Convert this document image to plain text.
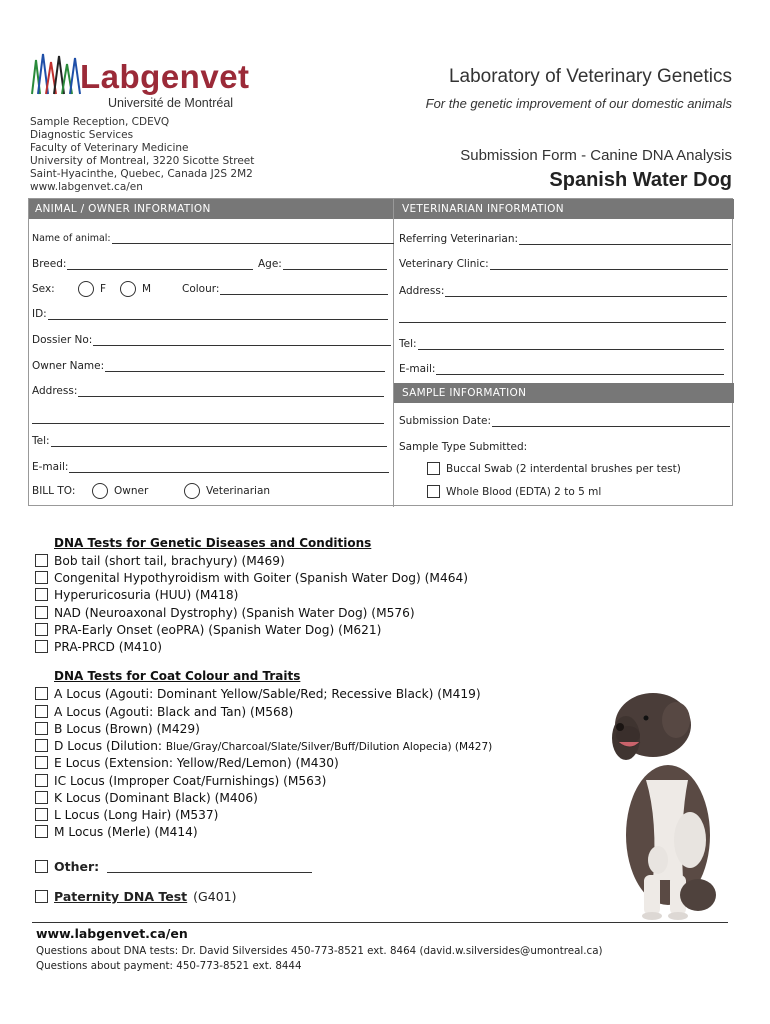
Labgenvet
Université de Montréal
Laboratory of Veterinary Genetics
For the genetic improvement of our domestic animals
Sample Reception, CDEVQ
Diagnostic Services
Faculty of Veterinary Medicine
University of Montreal, 3220 Sicotte Street
Saint-Hyacinthe, Quebec, Canada J2S 2M2
www.labgenvet.ca/en
Submission Form - Canine DNA Analysis
Spanish Water Dog
ANIMAL / OWNER INFORMATION	VETERINARIAN INFORMATION
Name of animal:
Breed:	Age:
Sex:	F	M	Colour:
ID:
Dossier No:
Owner Name:
Address:
Tel:
E-mail:
BILL TO:	Owner	Veterinarian
Referring Veterinarian:
Veterinary Clinic:
Address:
Tel:
E-mail:
SAMPLE INFORMATION
Submission Date:
Sample Type Submitted:
Buccal Swab (2 interdental brushes per test)
Whole Blood (EDTA) 2 to 5 ml
DNA Tests for Genetic Diseases and Conditions
Bob tail (short tail, brachyury) (M469)
Congenital Hypothyroidism with Goiter (Spanish Water Dog) (M464)
Hyperuricosuria (HUU) (M418)
NAD (Neuroaxonal Dystrophy) (Spanish Water Dog) (M576)
PRA-Early Onset (eoPRA) (Spanish Water Dog) (M621)
PRA-PRCD (M410)
DNA Tests for Coat Colour and Traits
A Locus (Agouti: Dominant Yellow/Sable/Red; Recessive Black) (M419)
A Locus (Agouti: Black and Tan) (M568)
B Locus (Brown) (M429)
D Locus (Dilution: Blue/Gray/Charcoal/Slate/Silver/Buff/Dilution Alopecia) (M427)
E Locus (Extension: Yellow/Red/Lemon) (M430)
IC Locus (Improper Coat/Furnishings) (M563)
K Locus (Dominant Black) (M406)
L Locus (Long Hair) (M537)
M Locus (Merle) (M414)
Other:
Paternity DNA Test (G401)
www.labgenvet.ca/en
Questions about DNA tests: Dr. David Silversides 450-773-8521 ext. 8464 (david.w.silversides@umontreal.ca)
Questions about payment: 450-773-8521 ext. 8444
